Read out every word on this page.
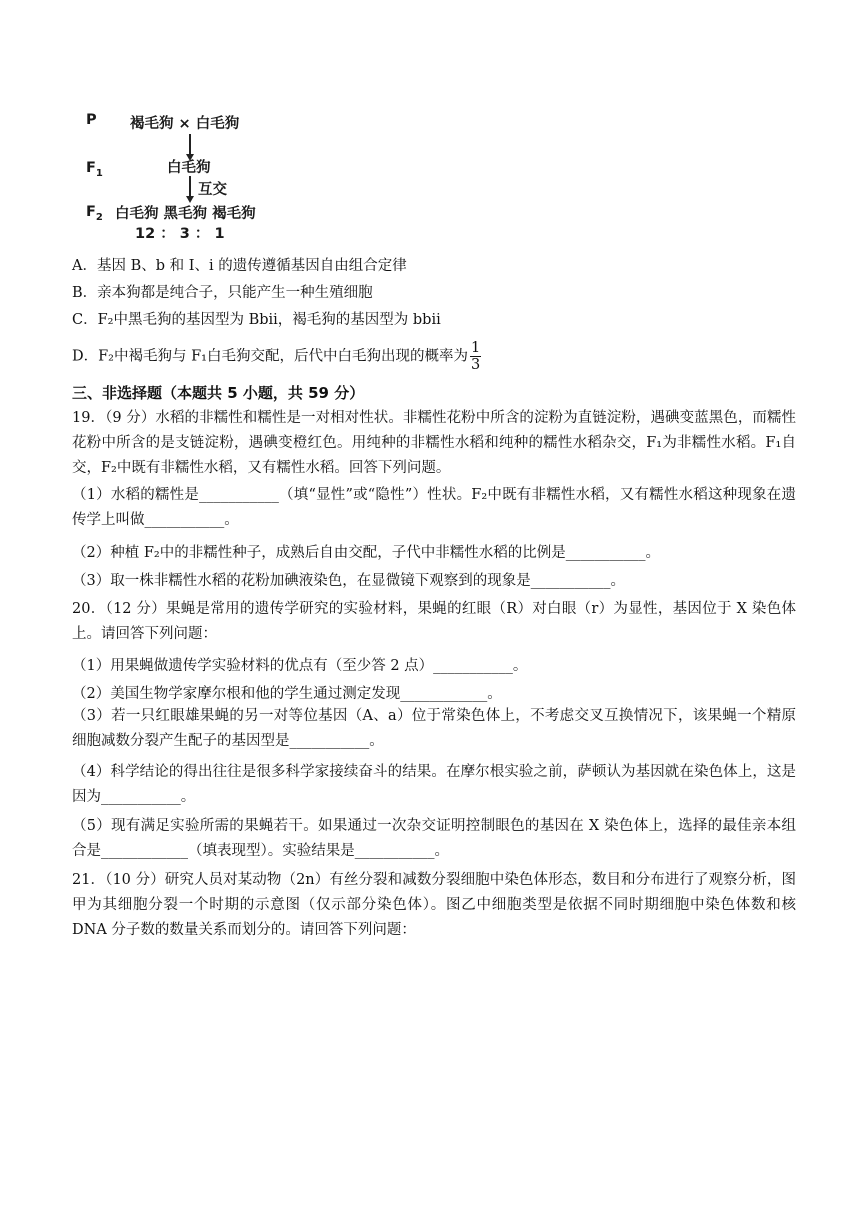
P 褐毛狗 × 白毛狗
$F_1$	白毛狗
互交
$F_2$ 白毛狗 黑毛狗 褐毛狗
12 ： 3 ： 1
A．基因 B、b 和 I、i 的遗传遵循基因自由组合定律
B．亲本狗都是纯合子，只能产生一种生殖细胞
C．F₂中黑毛狗的基因型为 Bbii，褐毛狗的基因型为 bbii
D．F₂中褐毛狗与 F₁白毛狗交配，后代中白毛狗出现的概率为 $\frac{1}{3}$
三、非选择题（本题共 5 小题，共 59 分）
19．（9 分）水稻的非糯性和糯性是一对相对性状。非糯性花粉中所含的淀粉为直链淀粉，遇碘变蓝黑色，而糯性花粉中所含的是支链淀粉，遇碘变橙红色。用纯种的非糯性水稻和纯种的糯性水稻杂交，F₁为非糯性水稻。F₁自交，F₂中既有非糯性水稻，又有糯性水稻。回答下列问题。
（1）水稻的糯性是___________（填“显性”或“隐性”）性状。F₂中既有非糯性水稻，又有糯性水稻这种现象在遗传学上叫做___________。
（2）种植 F₂中的非糯性种子，成熟后自由交配，子代中非糯性水稻的比例是___________。
（3）取一株非糯性水稻的花粉加碘液染色，在显微镜下观察到的现象是___________。
20．（12 分）果蝇是常用的遗传学研究的实验材料，果蝇的红眼（R）对白眼（r）为显性，基因位于 X 染色体上。请回答下列问题：
（1）用果蝇做遗传学实验材料的优点有（至少答 2 点）___________。
（2）美国生物学家摩尔根和他的学生通过测定发现____________。
（3）若一只红眼雄果蝇的另一对等位基因（A、a）位于常染色体上，不考虑交叉互换情况下，该果蝇一个精原细胞减数分裂产生配子的基因型是___________。
（4）科学结论的得出往往是很多科学家接续奋斗的结果。在摩尔根实验之前，萨顿认为基因就在染色体上，这是因为___________。
（5）现有满足实验所需的果蝇若干。如果通过一次杂交证明控制眼色的基因在 X 染色体上，选择的最佳亲本组合是____________（填表现型）。实验结果是___________。
21．（10 分）研究人员对某动物（2n）有丝分裂和减数分裂细胞中染色体形态，数目和分布进行了观察分析，图甲为其细胞分裂一个时期的示意图（仅示部分染色体）。图乙中细胞类型是依据不同时期细胞中染色体数和核 DNA 分子数的数量关系而划分的。请回答下列问题：
